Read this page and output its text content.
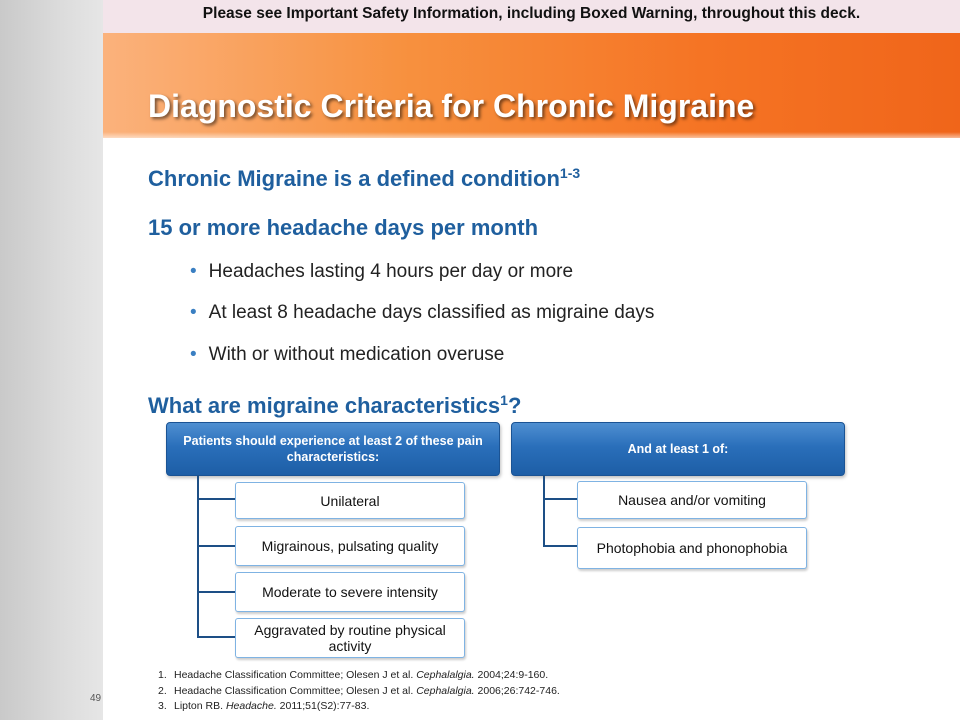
Please see Important Safety Information, including Boxed Warning, throughout this deck.
Diagnostic Criteria for Chronic Migraine
Chronic Migraine is a defined condition$^{1-3}$
15 or more headache days per month
• Headaches lasting 4 hours per day or more
• At least 8 headache days classified as migraine days
• With or without medication overuse
What are migraine characteristics$^1$?
Patients should experience at least 2 of these pain characteristics:
Unilateral
Migrainous, pulsating quality
Moderate to severe intensity
Aggravated by routine physical activity
And at least 1 of:
Nausea and/or vomiting
Photophobia and phonophobia
49
1. Headache Classification Committee; Olesen J et al. Cephalalgia. 2004;24:9-160.
2. Headache Classification Committee; Olesen J et al. Cephalalgia. 2006;26:742-746.
3. Lipton RB. Headache. 2011;51(S2):77-83.
